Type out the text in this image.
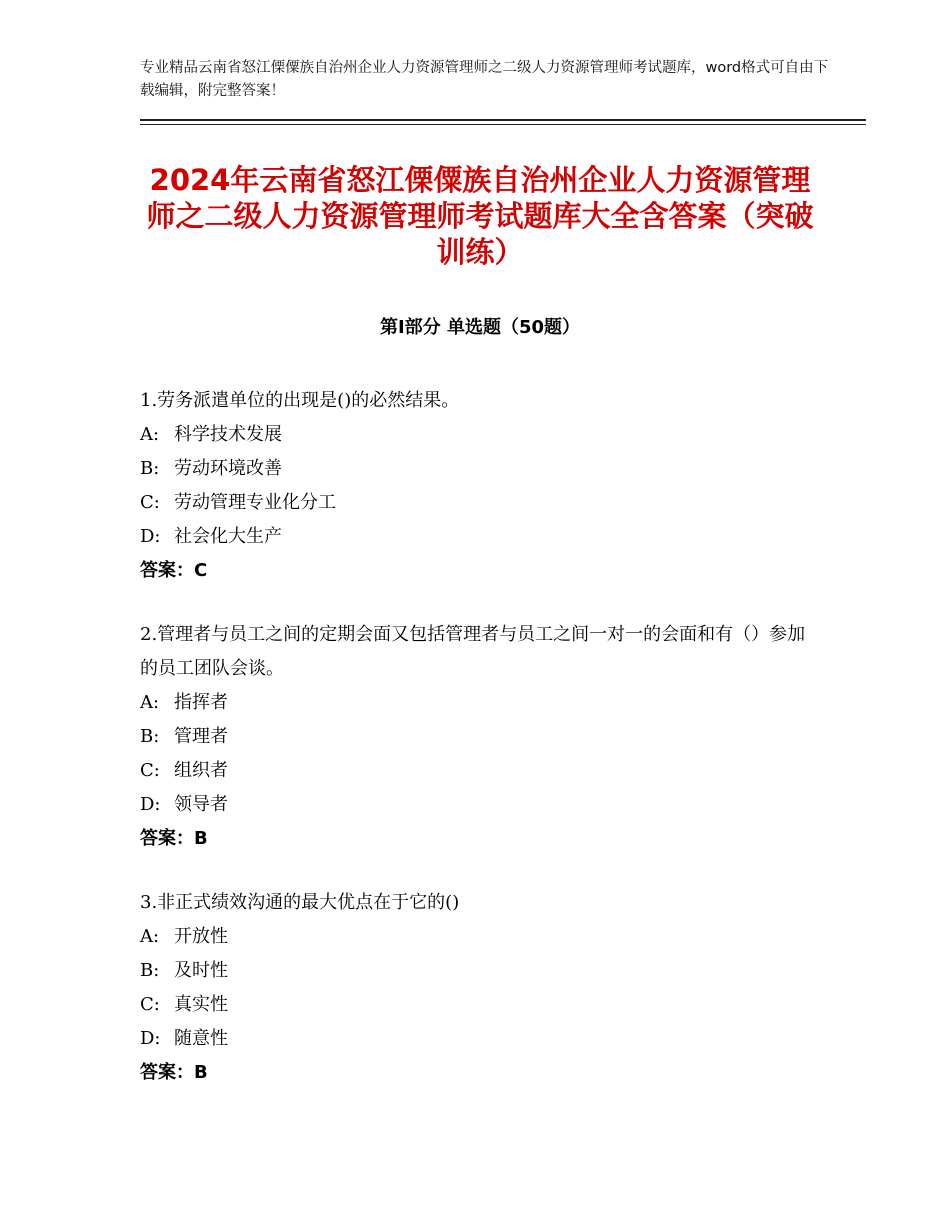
专业精品云南省怒江傈僳族自治州企业人力资源管理师之二级人力资源管理师考试题库，word格式可自由下载编辑，附完整答案！
2024年云南省怒江傈僳族自治州企业人力资源管理师之二级人力资源管理师考试题库大全含答案（突破训练）
第Ⅰ部分 单选题（50题）
1.劳务派遣单位的出现是()的必然结果。
A: 科学技术发展
B: 劳动环境改善
C: 劳动管理专业化分工
D: 社会化大生产
答案：C
2.管理者与员工之间的定期会面又包括管理者与员工之间一对一的会面和有（）参加的员工团队会谈。
A: 指挥者
B: 管理者
C: 组织者
D: 领导者
答案：B
3.非正式绩效沟通的最大优点在于它的()
A: 开放性
B: 及时性
C: 真实性
D: 随意性
答案：B
